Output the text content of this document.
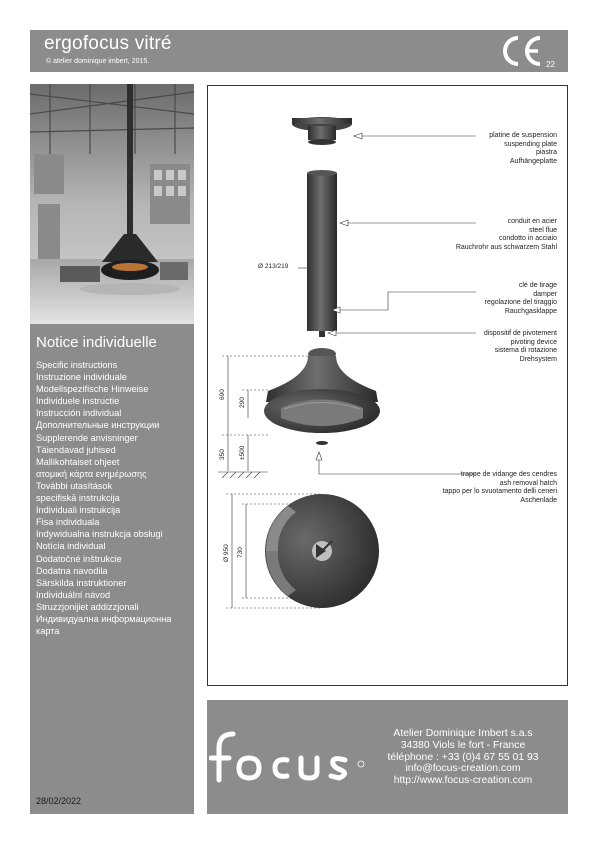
ergofocus vitré
© atelier dominique imbert, 2015.	22
Notice individuelle
Specific instructions
Instruzione individuale
Modellspezifische Hinweise
Individuele instructie
Instrucción individual
Дополнительные инструкции
Supplerende anvisninger
Täiendavad juhised
Mallikohtaiset ohjeet
ατομική κάρτα ενημέρωσης
További utasítások
specifiskā instrukcija
Individuali instrukcija
Fisa individuala
Indywidualna instrukcja obsługi
Notícia individual
Dodatočné inštrukcie
Dodatna navodila
Särskilda instruktioner
Individuální návod
Struzzjonijiet addizzjonali
Индивидуална информационна
карта
28/02/2022
platine de suspension
suspending plate
piastra
Aufhängeplatte
conduit en acier
steel flue
condotto in acciaio
Rauchrohr aus schwarzem Stahl
clé de tirage
damper
regolazione del tiraggio
Rauchgasklappe
dispositif de pivotement
pivoting device
sistema di rotazione
Drehsystem
trappe de vidange des cendres
ash removal hatch
tappo per lo svuotamento delli ceneri
Aschenlade
Ø 213/219
690
290
350 ±500
Ø 950 730
Atelier Dominique Imbert s.a.s
34380 Viols le fort - France
téléphone : +33 (0)4 67 55 01 93
info@focus-creation.com
http://www.focus-creation.com
